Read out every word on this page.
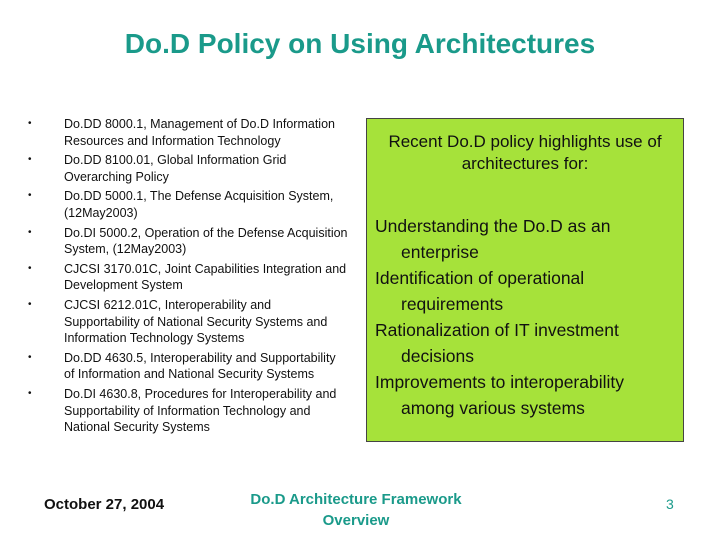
Do.D Policy on Using Architectures
•	Do.DD 8000.1, Management of Do.D Information Resources and Information Technology
•	Do.DD 8100.01, Global Information Grid Overarching Policy
•	Do.DD 5000.1, The Defense Acquisition System, (12May2003)
•	Do.DI 5000.2, Operation of the Defense Acquisition System, (12May2003)
•	CJCSI 3170.01C, Joint Capabilities Integration and Development System
•	CJCSI 6212.01C, Interoperability and Supportability of National Security Systems and Information Technology Systems
•	Do.DD 4630.5, Interoperability and Supportability of Information and National Security Systems
•	Do.DI 4630.8, Procedures for Interoperability and Supportability of Information Technology and National Security Systems
Recent Do.D policy highlights use of architectures for:
Understanding the Do.D as an enterprise
Identification of operational requirements
Rationalization of IT investment decisions
Improvements to interoperability among various systems
October 27, 2004	Do.D Architecture Framework
Overview
3
